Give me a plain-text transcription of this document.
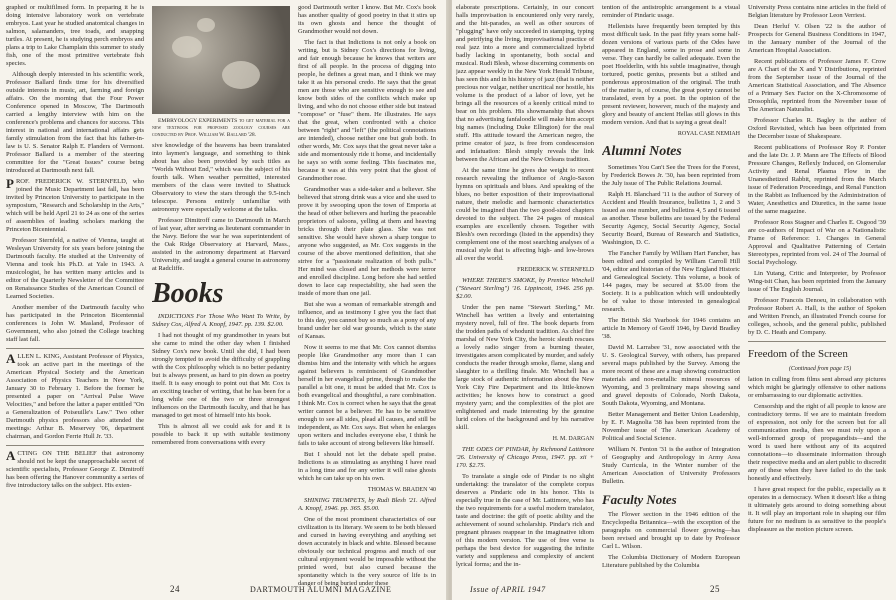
graphed or multifilmed form. In preparing it he is doing intensive laboratory work on vertebrate embryos. Last year he studied anatomical changes in salmon, salamanders, tree toads, and snapping turtles. At present, he is studying perch embryos and plans a trip to Lake Champlain this summer to study fish, one of the most primitive vertebrate fish species.

Although deeply interested in his scientific work, Professor Ballard finds time for his diversified outside interests in music, art, farming and foreign affairs. On the morning that the Four Power Conference opened in Moscow, The Dartmouth carried a lengthy interview with him on the conference's problems and chances for success. This interest in national and international affairs gets family stimulation from the fact that his father-in-law is U. S. Senator Ralph E. Flanders of Vermont. Professor Ballard is a member of the steering committee for the "Great Issues" course being introduced at Dartmouth next fall.

PROF. FREDERICK W. STERNFELD, who joined the Music Department last fall, has been invited by Princeton University to participate in the symposium, "Research and Scholarship in the Arts," which will be held April 21 to 24 as one of the series of assemblies of leading scholars marking the Princeton Bicentennial.

Professor Sternfeld, a native of Vienna, taught at Wesleyan University for six years before joining the Dartmouth faculty. He studied at the University of Vienna and took his Ph.D. at Yale in 1943. A musicologist, he has written many articles and is editor of the Quarterly Newsletter of the Committee on Renaissance Studies of the American Council of Learned Societies.

Another member of the Dartmouth faculty who has participated in the Princeton Bicentennial conferences is John W. Masland, Professor of Government, who also joined the College teaching staff last fall.

ALLEN L. KING, Assistant Professor of Physics, took an active part in the meetings of the American Physical Society and the American Association of Physics Teachers in New York, January 30 to February 1. Before the former he presented a paper on "Arrival Pulse Wave Velocities," and before the latter a paper entitled "On a Generalization of Poiseuille's Law." Two other Dartmouth physics professors also attended the meetings: Arthur B. Meservey '06, department chairman, and Gordon Ferrie Hull Jr. '33.

ACTING ON THE BELIEF that astronomy should not be kept the unapproachable secret of scientific specialists, Professor George Z. Dimitroff has been offering the Hanover community a series of five introductory talks on the subject. His exten-

EMBRYOLOGY EXPERIMENTS to get material for a new textbook for proposed zoology courses are conducted by Prof. William W. Ballard '28.

sive knowledge of the heavens has been translated into laymen's language, and something to think about has also been provided by such titles as "Worlds Without End," which was the subject of his fourth talk. When weather permitted, interested members of the class were invited to Shattuck Observatory to view the stars through the 9.5-inch telescope. Persons entirely unfamiliar with astronomy were especially welcome at the talks.

Professor Dimitroff came to Dartmouth in March of last year, after serving as lieutenant commander in the Navy. Before the war he was superintendent of the Oak Ridge Observatory at Harvard, Mass., assisted in the astronomy department at Harvard University, and taught a general course in astronomy at Radcliffe.

Books

INDICTIONS For Those Who Want To Write, by Sidney Cox, Alfred A. Knopf, 1947. pp. 139. $2.00.

I had not thought of my grandmother in years but she came to mind the other day when I finished Sidney Cox's new book. Until she did, I had been strongly tempted to avoid the difficulty of grappling with the Cox philosophy which is no better pedantry but is always present, as hard to pin down as poetry itself. It is easy enough to point out that Mr. Cox is an exciting teacher of writing, that he has been for a long while one of the two or three strongest influences on the Dartmouth faculty, and that he has managed to get most of himself into his book.

This is almost all we could ask for and it is possible to back it up with suitable testimony remembered from conversations with every

good Dartmouth writer I know. But Mr. Cox's book has another quality of good poetry in that it stirs up its own ghosts and hence the thought of Grandmother would not down.

The fact is that Indictions is not only a book on writing, but is Sidney Cox's directions for living, and fair enough because he knows that writers are first of all people. In the process of digging into people, he defines a great man, and I think we may take it as his personal credo. He says that the great men are those who are sensitive enough to see and know both sides of the conflicts which make up living, and who do not choose either side but instead "compose" or "fuse" them. He illustrates. He says that the great, when confronted with a choice between "right" and "left" (the political connotations are intended), choose neither one but grab both. In other words, Mr. Cox says that the great never take a side and momentously ride it home, and incidentally he says so with some feeling. This fascinates me, because it was at this very point that the ghost of Grandmother rose.

Grandmother was a side-taker and a believer. She believed that strong drink was a vice and she used to prove it by swooping upon the town of Emporia at the head of other believers and hurling the peaceable proprietors of saloons, yelling at them and heaving bricks through their plate glass. She was not sensitive. She would have shown a sharp tongue to anyone who suggested, as Mr. Cox suggests in the course of the above mentioned definition, that she strive for a "passionate realization of both pulls." Her mind was closed and her methods were terror and enrolled discipline. Long before she had settled down to lace cap respectability, she had seen the inside of more than one jail.

But she was a woman of remarkable strength and influence, and as testimony I give you the fact that to this day, you cannot buy so much as a pony of any brand under her old war grounds, which is the state of Kansas.

Now it seems to me that Mr. Cox cannot dismiss people like Grandmother any more than I can dismiss him and the intensity with which he argues against believers is reminiscent of Grandmother herself in her evangelical prime, though to make the parallel a bit one, it must be added that Mr. Cox is both evangelical and thoughtful, a rare combination. I think Mr. Cox is correct when he says that the great writer cannot be a believer. He has to be sensitive enough to see all sides, plead all causes, and still be independent, as Mr. Cox says. But when he enlarges upon writers and includes everyone else, I think he fails to take account of strong believers like himself.

But I should not let the debate spell praise. Indictions is as stimulating as anything I have read in a long time and for any writer it will raise ghosts which he can take up on his own.

THOMAS W. BRADEN '40

SHINING TRUMPETS, by Rudi Blesh '21. Alfred A. Knopf, 1946. pp. 365. $5.00.

One of the most prominent characteristics of our civilization is its literary. We seem to be both blessed and cursed in having everything and anything set down accurately in black and white. Blessed because obviously our technical progress and much of our cultural enjoyment would be impossible without the printed word, but also cursed because the spontaneity which is the very source of life is in danger of being buried under these

24	DARTMOUTH ALUMNI MAGAZINE

elaborate prescriptions. Certainly, in our concert halls improvisation is encountered only very rarely, and the hit-parades, as well as other sources of "plugging" have only succeeded in stamping, typing and petrifying the living, improvisational practice of real jazz into a more and commercialized hybrid badly lacking in spontaneity, both social and musical. Rudi Blesh, whose discerning comments on jazz appear weekly in the New York Herald Tribune, has seen this and in his history of jazz (that is neither precious nor vulgar, neither uncritical nor hostile, his volume is the product of a labor of love, yet he brings all the resources of a keenly critical mind to bear on his problem. His showmanship that shows that no advertising fanfaloodle will make him accept big names (including Duke Ellington) for the real stuff. His attitude toward the American negro, the prime creator of jazz, is free from condescension and infatuation: Blesh simply reveals the link between the African and the New Orleans tradition.

At the same time he gives due weight to recent research revealing the influence of Anglo-Saxon hymns on spirituals and blues. And speaking of the blues, no better exposition of their improvisational nature, their melodic and harmonic characteristics could be imagined than the two good-sized chapters devoted to the subject. The 24 pages of musical examples are excellently chosen. Together with Blesh's own recordings (listed in the appendix) they complement one of the most searching analyses of a musical style that is affecting high- and low-brows all over the world.

FREDERICK W. STERNFELD

WHERE THERE'S SMOKE, by Prentice Winchell ("Stewart Sterling") '16. Lippincott, 1946. 256 pp. $2.00.

Under the pen name "Stewart Sterling," Mr. Winchell has written a lively and entertaining mystery novel, full of fire. The book departs from the trodden paths of whodunit tradition. As chief fire marshal of New York City, the heroic sleuth rescues a lovely radio singer from a burning theater, investigates arson complicated by murder, and safely conducts the reader through smoke, flame, slang and slaughter to a thrilling finale. Mr. Winchell has a large stock of authentic information about the New York City Fire Department and its little-known activities; he knows how to construct a good mystery yarn; and the complexities of the plot are enlightened and made interesting by the genuine lurid colors of the background and by his narrative skill.

H. M. DARGAN

THE ODES OF PINDAR, by Richmond Lattimore '26. University of Chicago Press, 1947. pp. xii + 170. $2.75.

To translate a single ode of Pindar is no slight undertaking: the translator of the complete corpus deserves a Pindaric ode in his honor. This is especially true in the case of Mr. Lattimore, who has the two requirements for a useful modern translator, taste and doctrine: the gift of poetic ability and the achievement of sound scholarship. Pindar's rich and pregnant phrases reappear in the imaginative idiom of this modern version. The use of free verse is perhaps the best device for suggesting the infinite variety and suppleness and complexity of ancient lyrical forms; and the in-

tention of the antistrophic arrangement is a visual reminder of Pindaric usage.

Hellenists have frequently been tempted by this most difficult task. In the past fifty years some half-dozen versions of various parts of the Odes have appeared in England, some in prose and some in verse. They can hardly be called adequate. Even the poet Hoelderlin, with his subtle imaginative, though tortured, poetic genius, presents but a stilted and ponderous approximation of the original. The truth of the matter is, of course, the great poetry cannot be translated, even by a poet. In the opinion of the present reviewer, however, much of the majesty and glory and beauty of ancient Hellas still glows in this modern version. And that is saying a great deal!

ROYAL CASE NEMIAH

Alumni Notes

Sometimes You Can't See the Trees for the Forest, by Frederick Bowes Jr. '30, has been reprinted from the July issue of The Public Relations Journal.

Ralph H. Blanchard '11 is the author of Survey of Accident and Health Insurance, bulletins 1, 2 and 3 issued as one number, and bulletins 4, 5 and 6 issued as another. These bulletins are issued by the Federal Security Agency, Social Security Agency, Social Security Board, Bureau of Research and Statistics, Washington, D. C.

The Fancher Family by William Hart Fancher, has been edited and compiled by William Carroll Hill '04, editor and historian of the New England Historic and Genealogical Society. This volume, a book of 144 pages, may be secured at $5.00 from the Society. It is a publication which will undoubtedly be of value to those interested in genealogical research.

The British Ski Yearbook for 1946 contains an article In Memory of Geoff 1946, by David Bradley '38.

David M. Larrabee '31, now associated with the U. S. Geological Survey, with others, has prepared several maps published by the Survey. Among the more recent of these are a map showing construction materials and non-metallic mineral resources of Wyoming, and 3 preliminary maps showing sand and gravel deposits of Colorado, North Dakota, South Dakota, Wyoming, and Montana.

Better Management and Better Union Leadership, by E. F. Magnolia '38 has been reprinted from the November issue of The American Academy of Political and Social Science.

William N. Fenton '31 is the author of Integration of Geography and Anthropology in Army Area Study Curricula, in the Winter number of the American Association of University Professors Bulletin.

Faculty Notes

The Flower section in the 1946 edition of the Encyclopedia Britannica—with the exception of the paragraphs on commercial flower growing—has been revised and brought up to date by Professor Carl L. Wilson.

The Columbia Dictionary of Modern European Literature published by the Columbia

University Press contains nine articles in the field of Belgian literature by Professor Leon Verriest.

Dean Herluf V. Olsen '22 is the author of Prospects for General Business Conditions in 1947, in the January number of the Journal of the American Hospital Association.

Recent publications of Professor James F. Crow are A Chart of the X and Y Distributions, reprinted from the September issue of the Journal of the American Statistical Association, and The Absence of a Primary Sex Factor on the X-Chromosome of Drosophila, reprinted from the November issue of The American Naturalist.

Professor Charles R. Bagley is the author of Oxford Revisited, which has been offprinted from the December issue of Shakespeare.

Recent publications of Professor Roy P. Forster and the late Dr. J. P. Mann are The Effects of Blood Pressure Changes, Reflexly Induced, on Glomerular Activity and Renal Plasma Flow in the Unanesthetized Rabbit, reprinted from the March issue of Federation Proceedings, and Renal Function in the Rabbit as Influenced by the Administration of Water, Anesthetics and Diuretics, in the same issue of the same magazine.

Professor Ross Stagner and Charles E. Osgood '39 are co-authors of Impact of War on a Nationalistic Frame of Reference: 1. Changes in General Approval and Qualitative Patterning of Certain Stereotypes, reprinted from vol. 24 of The Journal of Social Psychology.

Lin Yutang, Critic and Interpreter, by Professor Wing-tsit Chan, has been reprinted from the January issue of The English Journal.

Professor Francois Denoeu, in collaboration with Professor Robert A. Hall, is the author of Spoken and Written French, an illustrated French course for colleges, schools, and the general public, published by D. C. Heath and Company.

Freedom of the Screen

(Continued from page 15)

lation in culling from films sent abroad any pictures which might be glaringly offensive to other nations or embarrassing to our diplomatic activities.

Censorship and the right of all people to know are contradictory terms. If we are to maintain freedom of expression, not only for the screen but for all communication media, then we must rely upon a well-informed group of propagandists—and the word is used here without any of its acquired connotations—to disseminate information through their respective media and an alert public to discredit any of these when they have failed to do the task honestly and effectively.

I have great respect for the public, especially as it operates in a democracy. When it doesn't like a thing it ultimately gets around to doing something about it. It will play an important role in shaping our film future for no medium is as sensitive to the people's displeasure as the motion picture screen.

Issue of APRIL 1947	25
